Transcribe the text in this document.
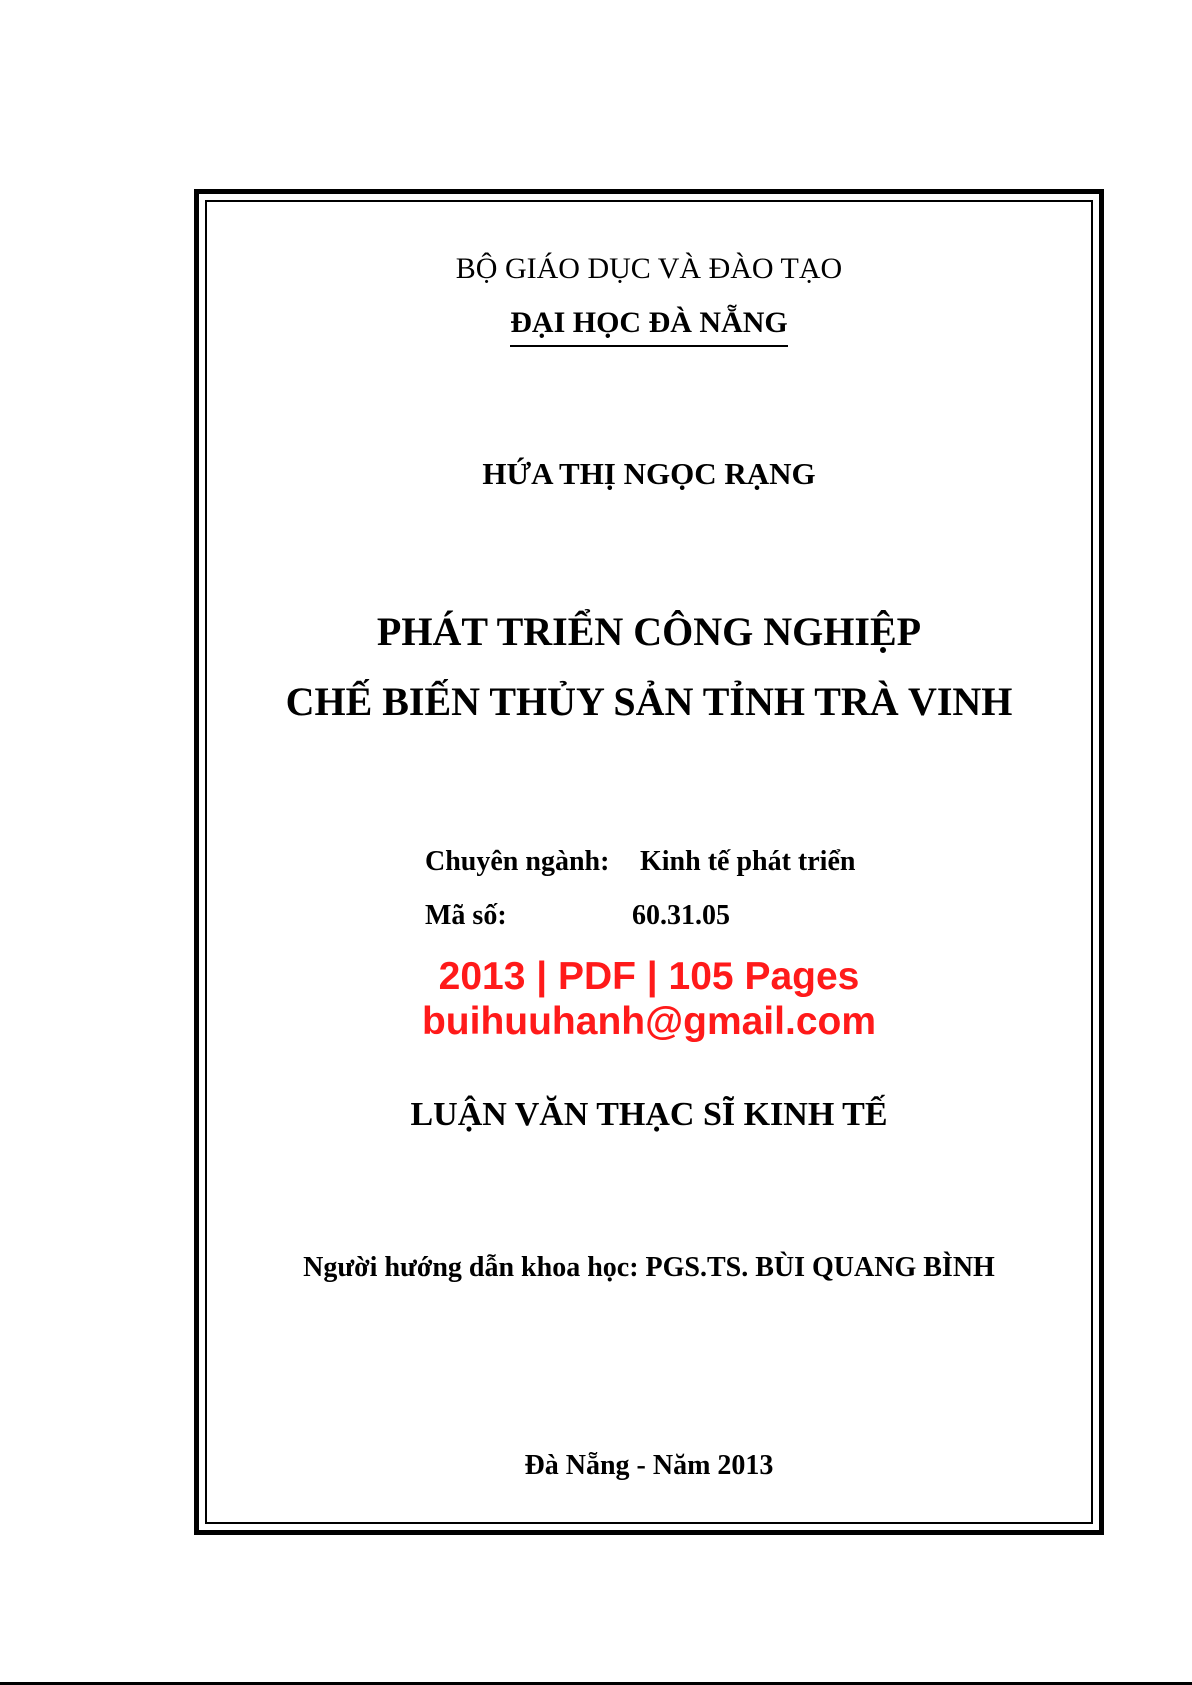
BỘ GIÁO DỤC VÀ ĐÀO TẠO
ĐẠI HỌC ĐÀ NẴNG
HỨA THỊ NGỌC RẠNG
PHÁT TRIỂN CÔNG NGHIỆP
CHẾ BIẾN THỦY SẢN TỈNH TRÀ VINH
Chuyên ngành: Kinh tế phát triển
Mã số:	60.31.05
2013 | PDF | 105 Pages
buihuuhanh@gmail.com
LUẬN VĂN THẠC SĨ KINH TẾ
Người hướng dẫn khoa học: PGS.TS. BÙI QUANG BÌNH
Đà Nẵng - Năm 2013
